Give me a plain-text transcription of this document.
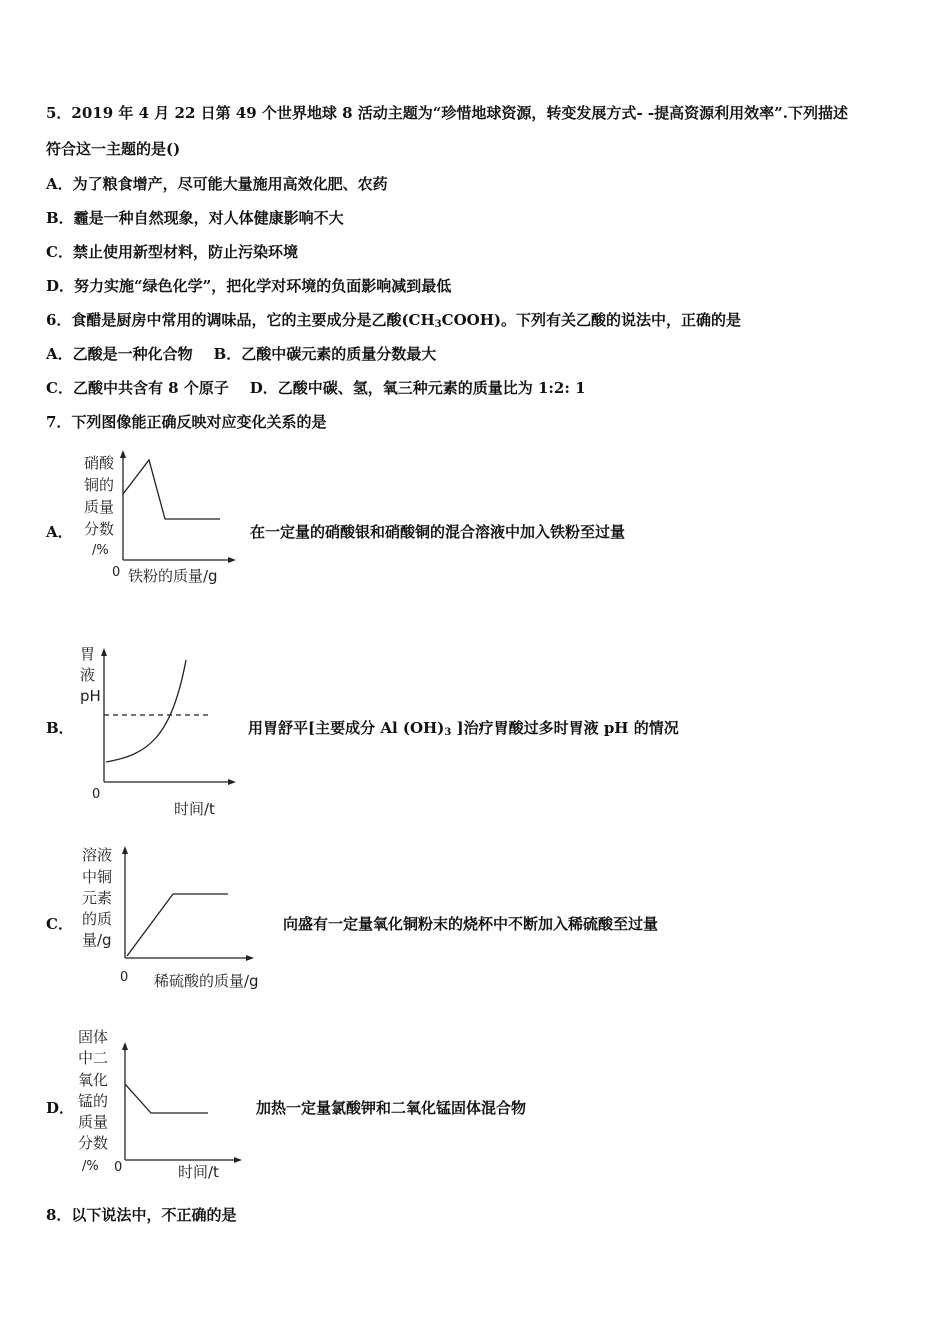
5．2019 年 4 月 22 日第 49 个世界地球 8 活动主题为“珍惜地球资源，转变发展方式- -提高资源利用效率”.下列描述
符合这一主题的是()
A．为了粮食增产，尽可能大量施用高效化肥、农药
B．霾是一种自然现象，对人体健康影响不大
C．禁止使用新型材料，防止污染环境
D．努力实施“绿色化学”，把化学对环境的负面影响减到最低
6．食醋是厨房中常用的调味品，它的主要成分是乙酸$(CH_3COOH)$。下列有关乙酸的说法中，正确的是
A．乙酸是一种化合物    B．乙酸中碳元素的质量分数最大
C．乙酸中共含有 8 个原子    D．乙酸中碳、氢，氧三种元素的质量比为 1:2: 1
7．下列图像能正确反映对应变化关系的是
A．
硝酸
铜的
质量
分数
/%
0 铁粉的质量/g
在一定量的硝酸银和硝酸铜的混合溶液中加入铁粉至过量
B．
胃
液
pH
0
时间/t
用胃舒平[主要成分 Al $(OH)_3$ ]治疗胃酸过多时胃液 pH 的情况
C．
溶液
中铜
元素
的质
量/g
0 稀硫酸的质量/g
向盛有一定量氧化铜粉末的烧杯中不断加入稀硫酸至过量
D．
固体
中二
氧化
锰的
质量
分数
/% 0	时间/t
加热一定量氯酸钾和二氧化锰固体混合物
8．以下说法中，不正确的是
